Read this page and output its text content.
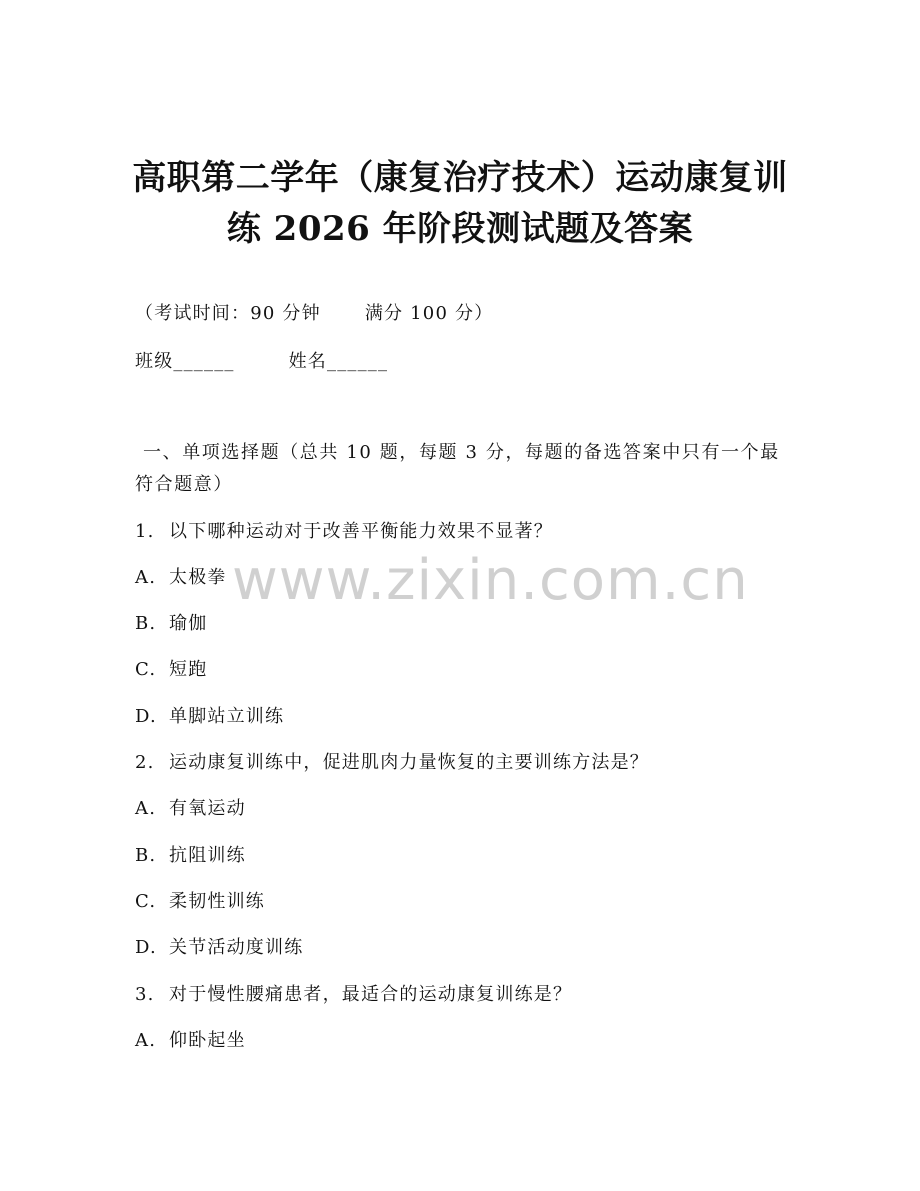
高职第二学年（康复治疗技术）运动康复训
练 2026 年阶段测试题及答案
（考试时间：90 分钟 满分 100 分）
班级______	姓名______
一、单项选择题（总共 10 题，每题 3 分，每题的备选答案中只有一个最符合题意）
1. 以下哪种运动对于改善平衡能力效果不显著？
A. 太极拳
B. 瑜伽
C. 短跑
D. 单脚站立训练
2. 运动康复训练中，促进肌肉力量恢复的主要训练方法是？
A. 有氧运动
B. 抗阻训练
C. 柔韧性训练
D. 关节活动度训练
3. 对于慢性腰痛患者，最适合的运动康复训练是？
A. 仰卧起坐
www.zixin.com.cn
